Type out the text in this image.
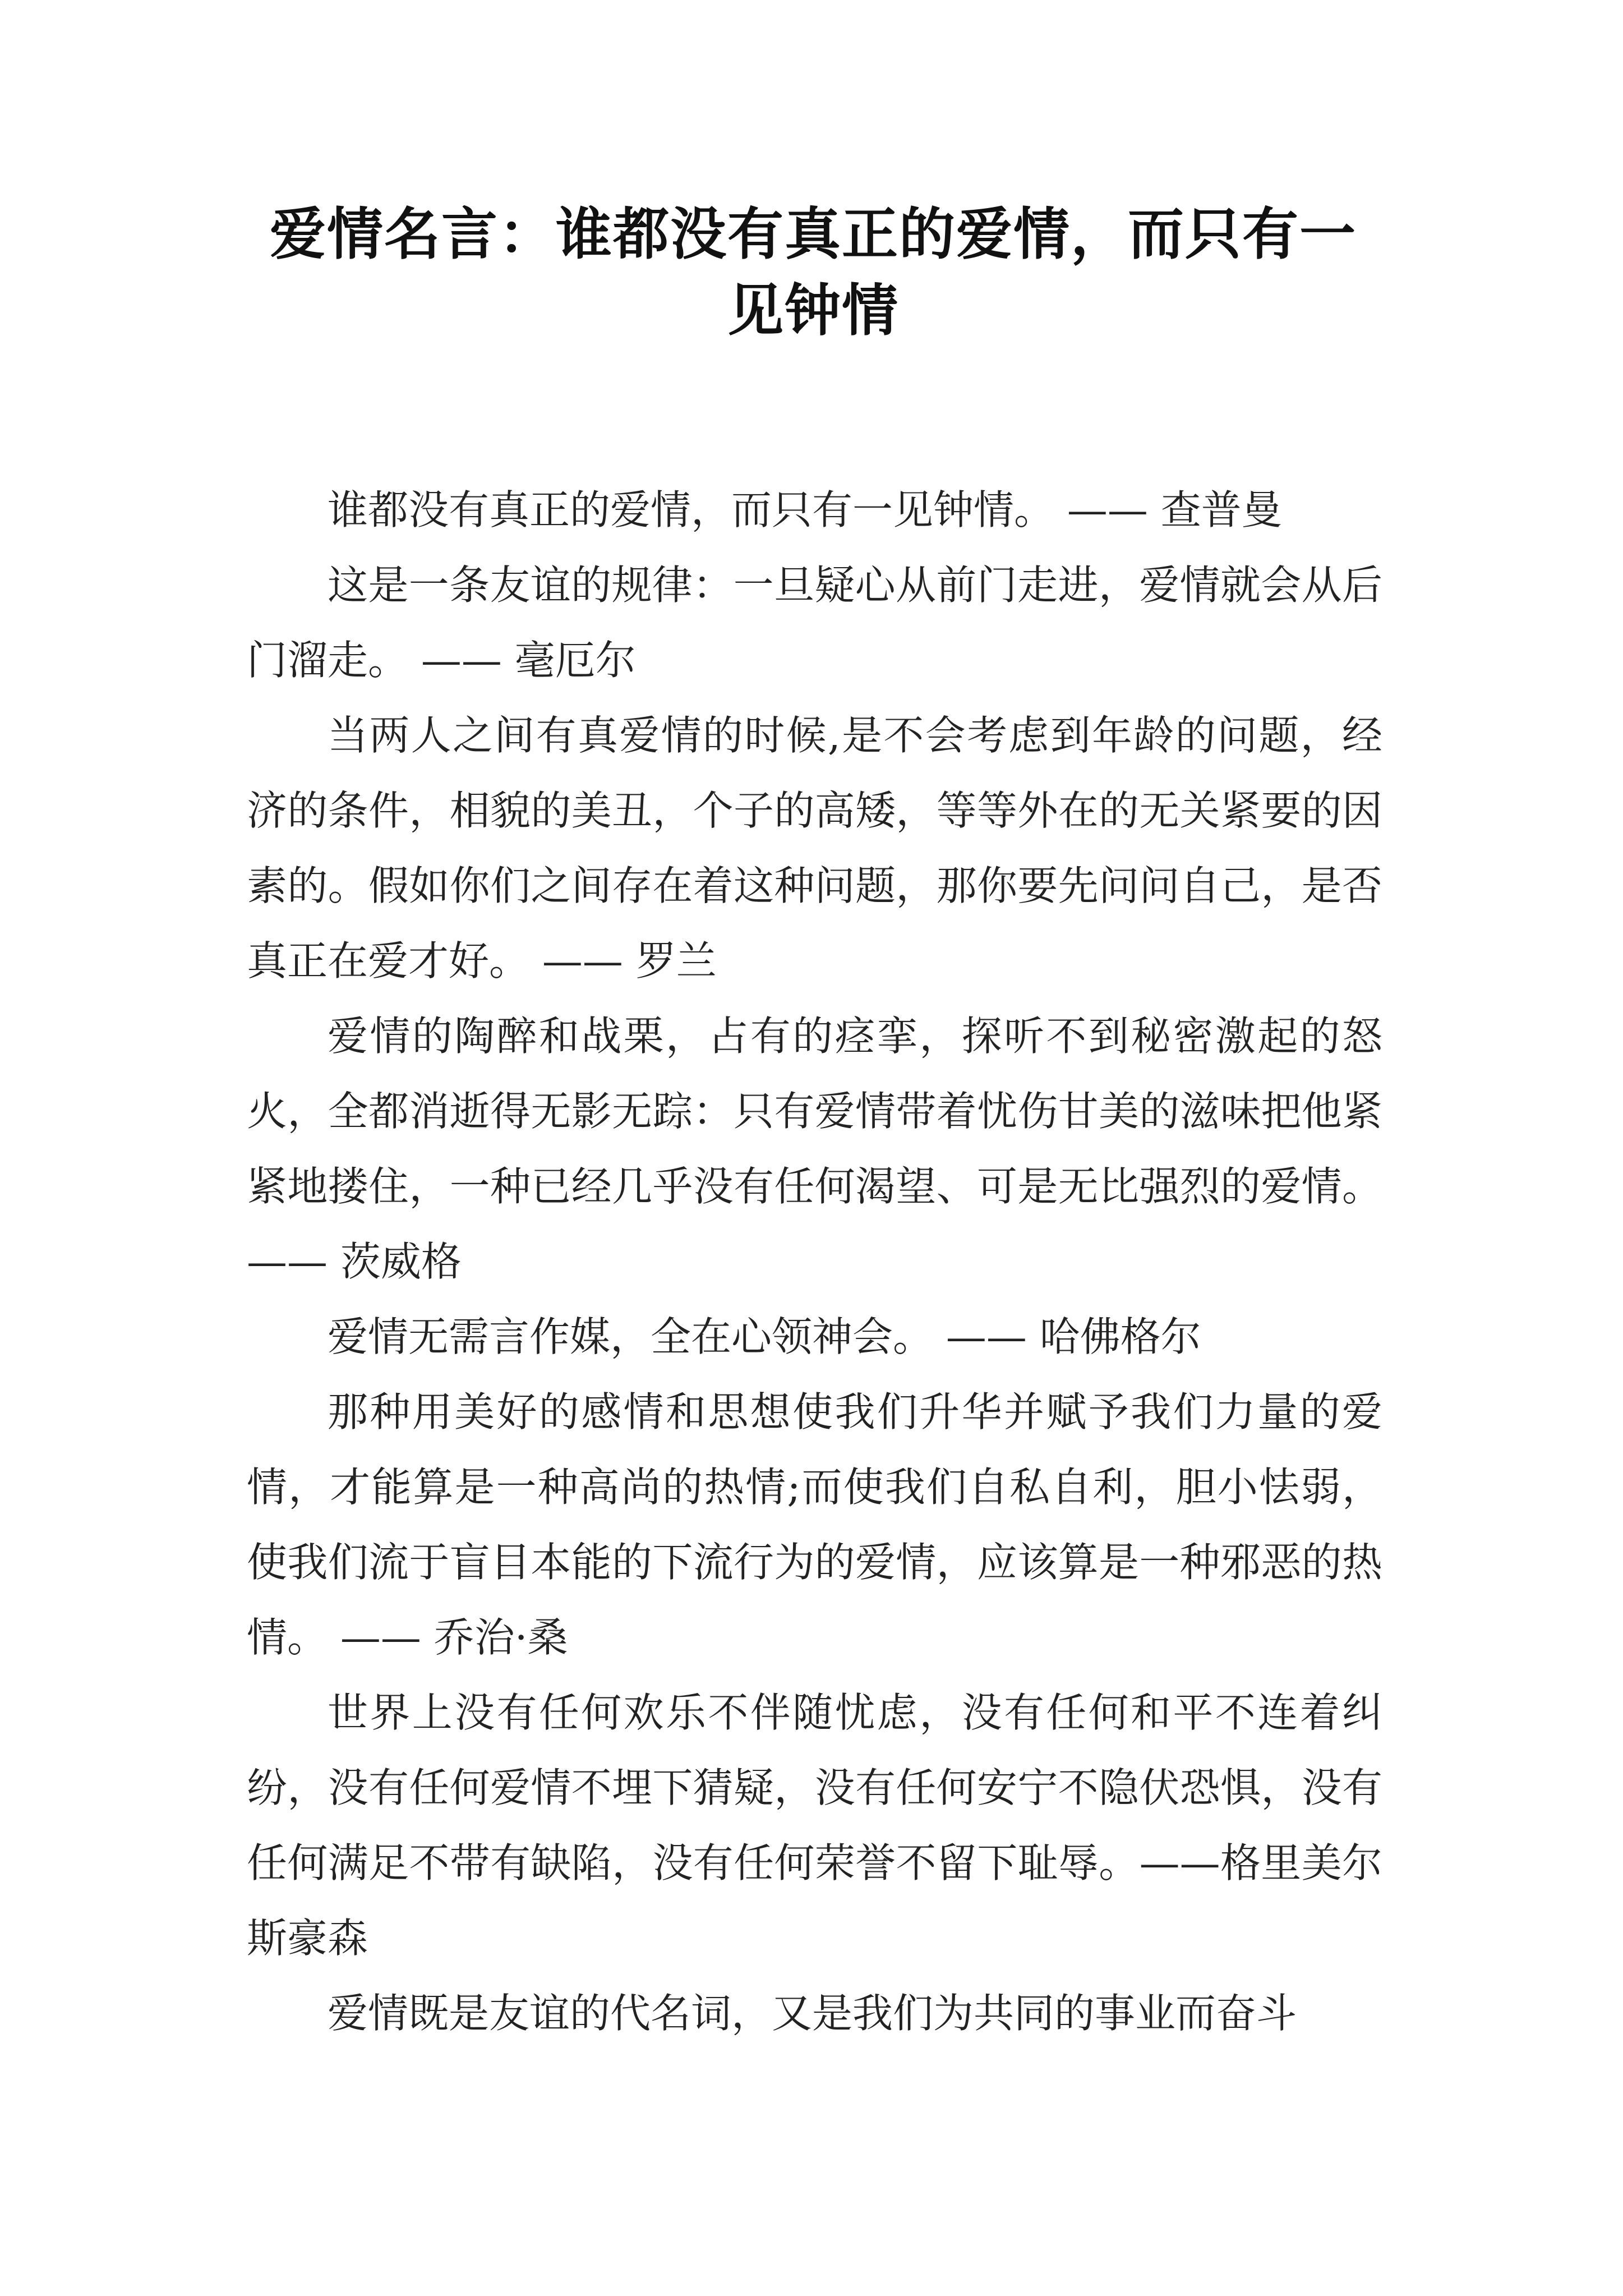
爱情名言：谁都没有真正的爱情，而只有一见钟情

谁都没有真正的爱情，而只有一见钟情。 —— 查普曼

这是一条友谊的规律：一旦疑心从前门走进，爱情就会从后门溜走。 —— 毫厄尔

当两人之间有真爱情的时候,是不会考虑到年龄的问题，经济的条件，相貌的美丑，个子的高矮，等等外在的无关紧要的因素的。假如你们之间存在着这种问题，那你要先问问自己，是否真正在爱才好。 —— 罗兰

爱情的陶醉和战栗，占有的痉挛，探听不到秘密激起的怒火，全都消逝得无影无踪：只有爱情带着忧伤甘美的滋味把他紧紧地搂住，一种已经几乎没有任何渴望、可是无比强烈的爱情。 —— 茨威格

爱情无需言作媒，全在心领神会。 —— 哈佛格尔

那种用美好的感情和思想使我们升华并赋予我们力量的爱情，才能算是一种高尚的热情;而使我们自私自利，胆小怯弱，使我们流于盲目本能的下流行为的爱情，应该算是一种邪恶的热情。 —— 乔治·桑

世界上没有任何欢乐不伴随忧虑，没有任何和平不连着纠纷，没有任何爱情不埋下猜疑，没有任何安宁不隐伏恐惧，没有任何满足不带有缺陷，没有任何荣誉不留下耻辱。——格里美尔斯豪森

爱情既是友谊的代名词，又是我们为共同的事业而奋斗
